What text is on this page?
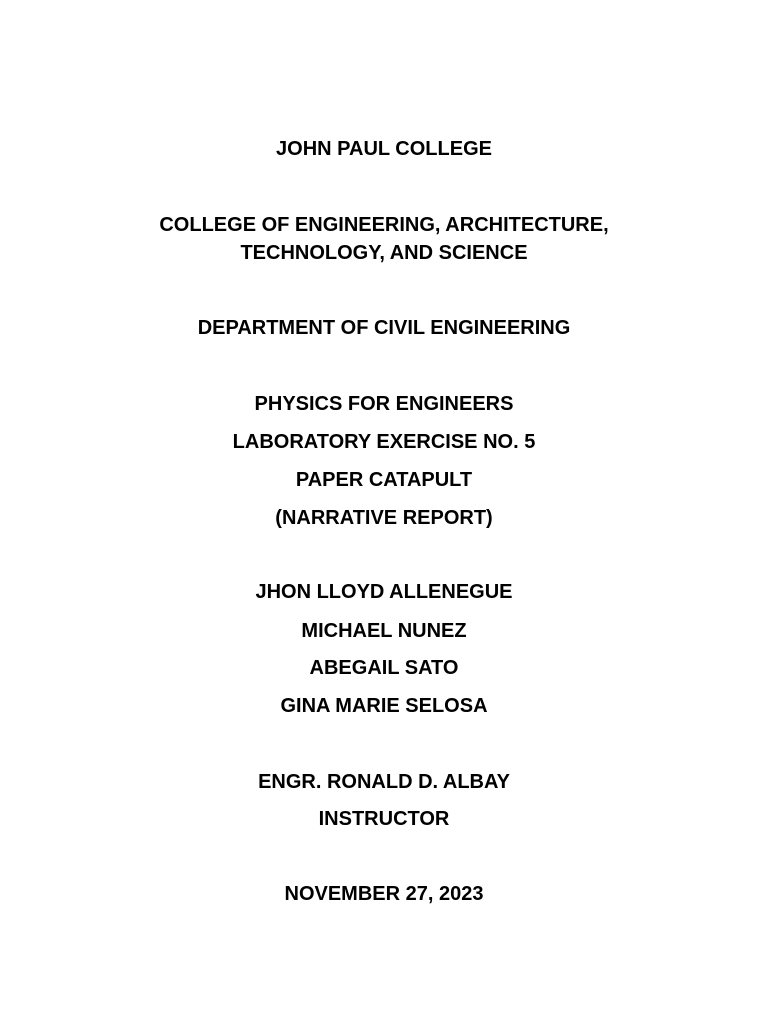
JOHN PAUL COLLEGE
COLLEGE OF ENGINEERING, ARCHITECTURE,
TECHNOLOGY, AND SCIENCE
DEPARTMENT OF CIVIL ENGINEERING
PHYSICS FOR ENGINEERS
LABORATORY EXERCISE NO. 5
PAPER CATAPULT
(NARRATIVE REPORT)
JHON LLOYD ALLENEGUE
MICHAEL NUNEZ
ABEGAIL SATO
GINA MARIE SELOSA
ENGR. RONALD D. ALBAY
INSTRUCTOR
NOVEMBER 27, 2023
